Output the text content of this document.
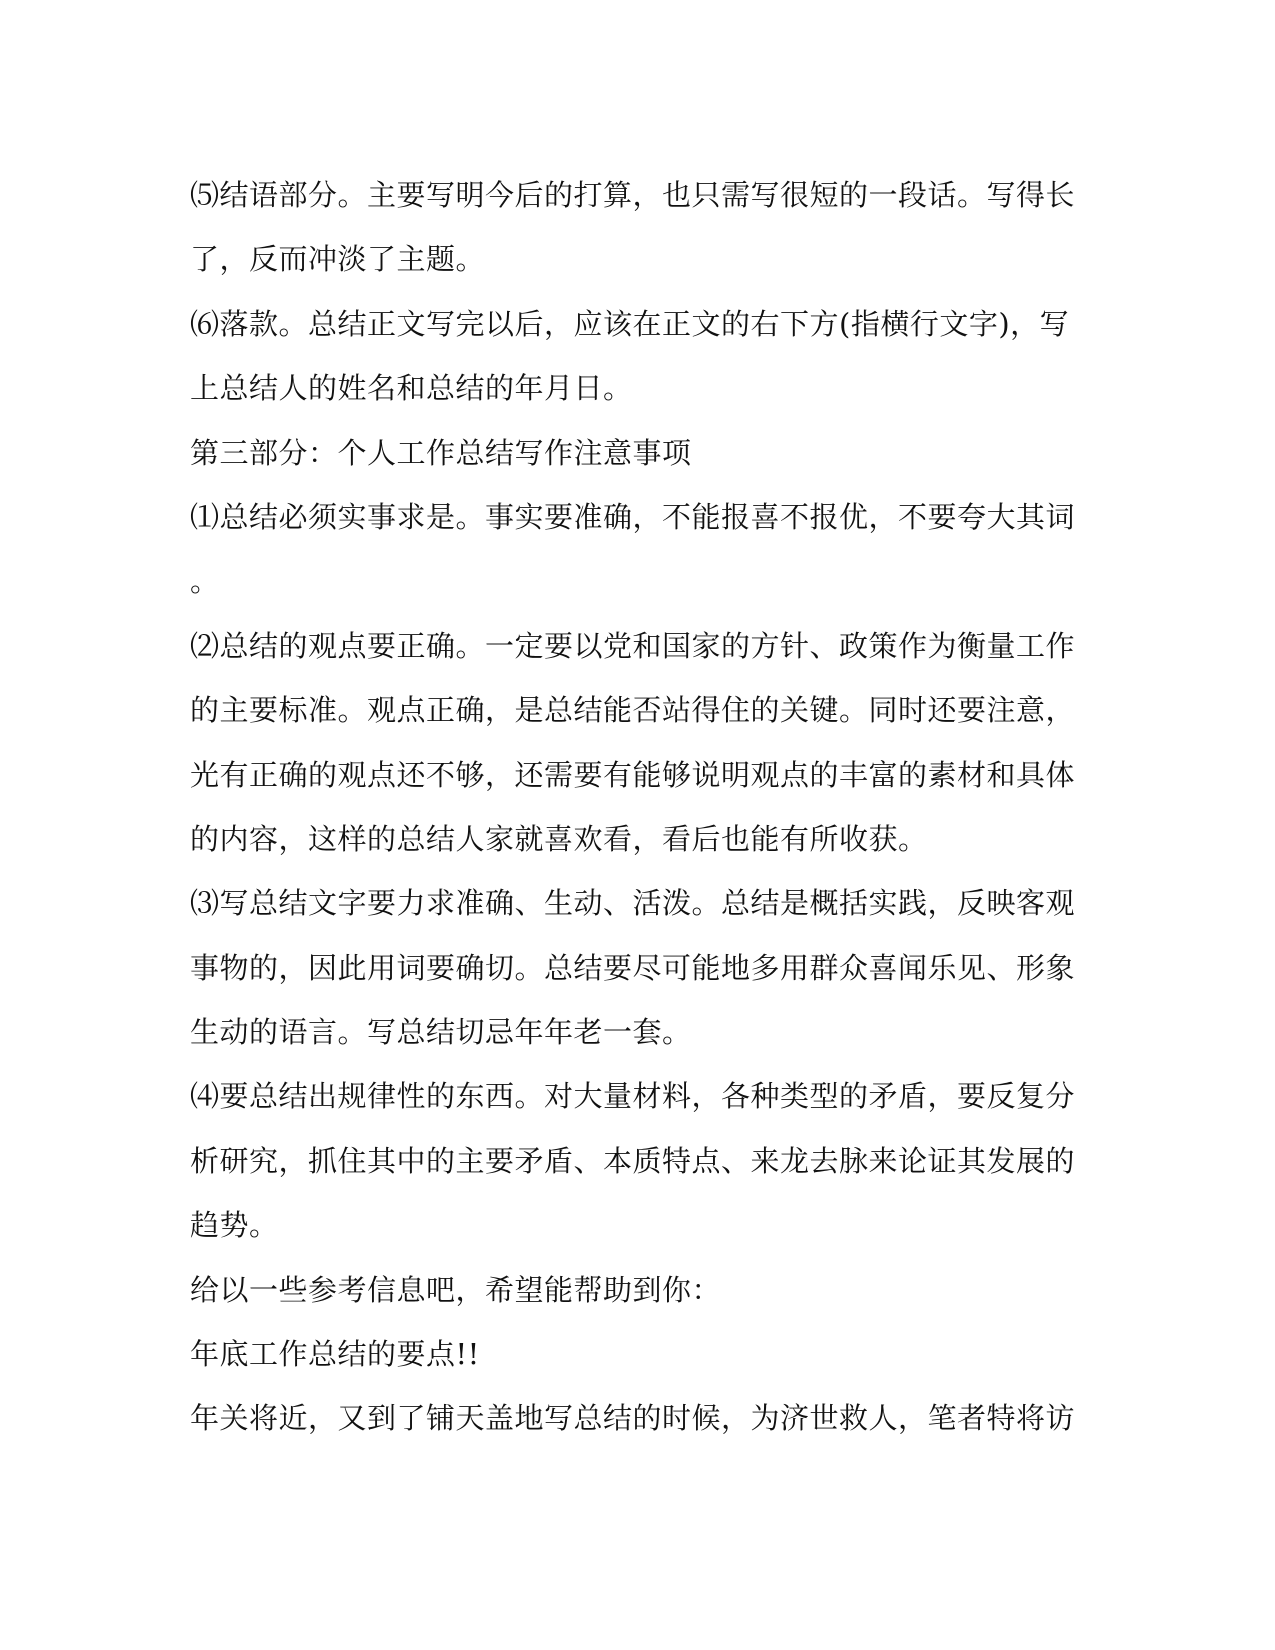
⑸结语部分。主要写明今后的打算，也只需写很短的一段话。写得长
了，反而冲淡了主题。
⑹落款。总结正文写完以后，应该在正文的右下方(指横行文字)，写
上总结人的姓名和总结的年月日。
第三部分：个人工作总结写作注意事项
⑴总结必须实事求是。事实要准确，不能报喜不报优，不要夸大其词
。
⑵总结的观点要正确。一定要以党和国家的方针、政策作为衡量工作
的主要标准。观点正确，是总结能否站得住的关键。同时还要注意，
光有正确的观点还不够，还需要有能够说明观点的丰富的素材和具体
的内容，这样的总结人家就喜欢看，看后也能有所收获。
⑶写总结文字要力求准确、生动、活泼。总结是概括实践，反映客观
事物的，因此用词要确切。总结要尽可能地多用群众喜闻乐见、形象
生动的语言。写总结切忌年年老一套。
⑷要总结出规律性的东西。对大量材料，各种类型的矛盾，要反复分
析研究，抓住其中的主要矛盾、本质特点、来龙去脉来论证其发展的
趋势。
给以一些参考信息吧，希望能帮助到你：
年底工作总结的要点!!
年关将近，又到了铺天盖地写总结的时候，为济世救人，笔者特将访
